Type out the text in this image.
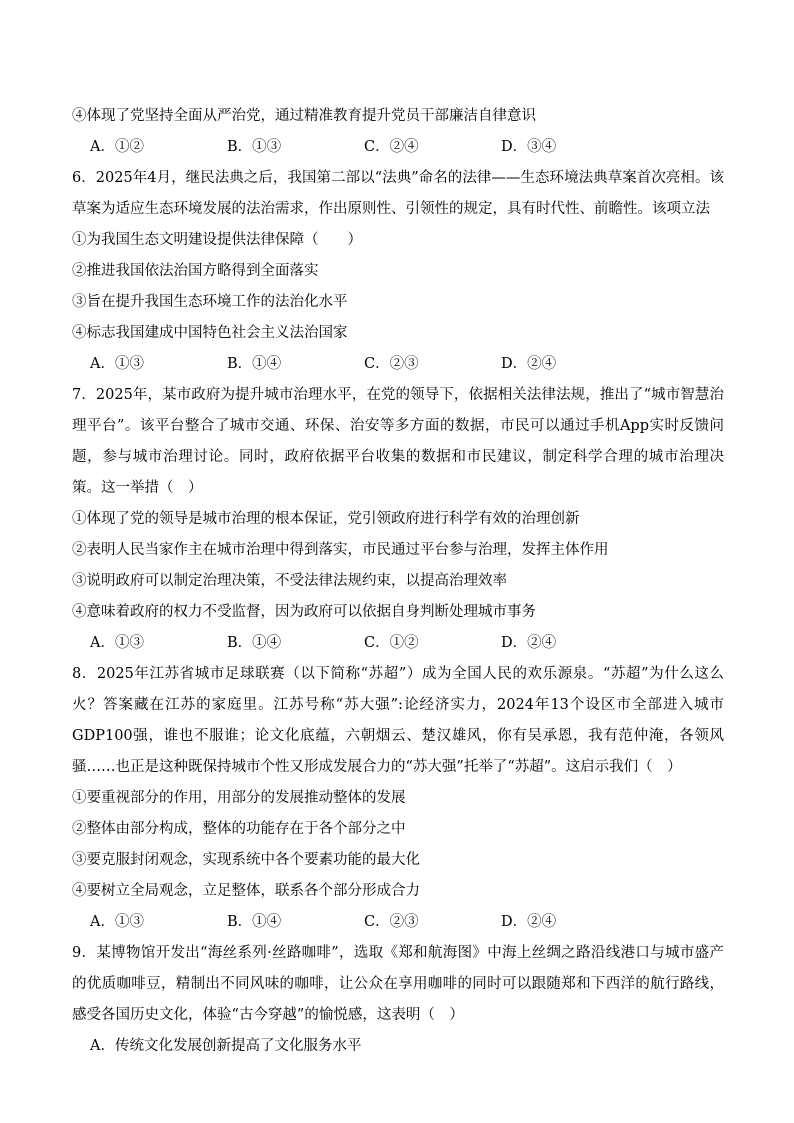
④体现了党坚持全面从严治党，通过精准教育提升党员干部廉洁自律意识
A．①②	B．①③	C．②④	D．③④
6．2025年4月，继民法典之后，我国第二部以“法典”命名的法律——生态环境法典草案首次亮相。该草案为适应生态环境发展的法治需求，作出原则性、引领性的规定，具有时代性、前瞻性。该项立法
①为我国生态文明建设提供法律保障（　　）
②推进我国依法治国方略得到全面落实
③旨在提升我国生态环境工作的法治化水平
④标志我国建成中国特色社会主义法治国家
A．①③	B．①④	C．②③	D．②④
7．2025年，某市政府为提升城市治理水平，在党的领导下，依据相关法律法规，推出了“城市智慧治理平台”。该平台整合了城市交通、环保、治安等多方面的数据，市民可以通过手机App实时反馈问题，参与城市治理讨论。同时，政府依据平台收集的数据和市民建议，制定科学合理的城市治理决策。这一举措（　）
①体现了党的领导是城市治理的根本保证，党引领政府进行科学有效的治理创新
②表明人民当家作主在城市治理中得到落实，市民通过平台参与治理，发挥主体作用
③说明政府可以制定治理决策，不受法律法规约束，以提高治理效率
④意味着政府的权力不受监督，因为政府可以依据自身判断处理城市事务
A．①③	B．①④	C．①②	D．②④
8．2025年江苏省城市足球联赛（以下简称“苏超”）成为全国人民的欢乐源泉。“苏超”为什么这么火？答案藏在江苏的家庭里。江苏号称“苏大强”:论经济实力，2024年13个设区市全部进入城市GDP100强，谁也不服谁；论文化底蕴，六朝烟云、楚汉雄风，你有吴承恩，我有范仲淹，各领风骚……也正是这种既保持城市个性又形成发展合力的“苏大强”托举了“苏超”。这启示我们（　）
①要重视部分的作用，用部分的发展推动整体的发展
②整体由部分构成，整体的功能存在于各个部分之中
③要克服封闭观念，实现系统中各个要素功能的最大化
④要树立全局观念，立足整体，联系各个部分形成合力
A．①③	B．①④	C．②③	D．②④
9．某博物馆开发出“海丝系列·丝路咖啡”，选取《郑和航海图》中海上丝绸之路沿线港口与城市盛产的优质咖啡豆，精制出不同风味的咖啡，让公众在享用咖啡的同时可以跟随郑和下西洋的航行路线，感受各国历史文化，体验“古今穿越”的愉悦感，这表明（　）
A．传统文化发展创新提高了文化服务水平
